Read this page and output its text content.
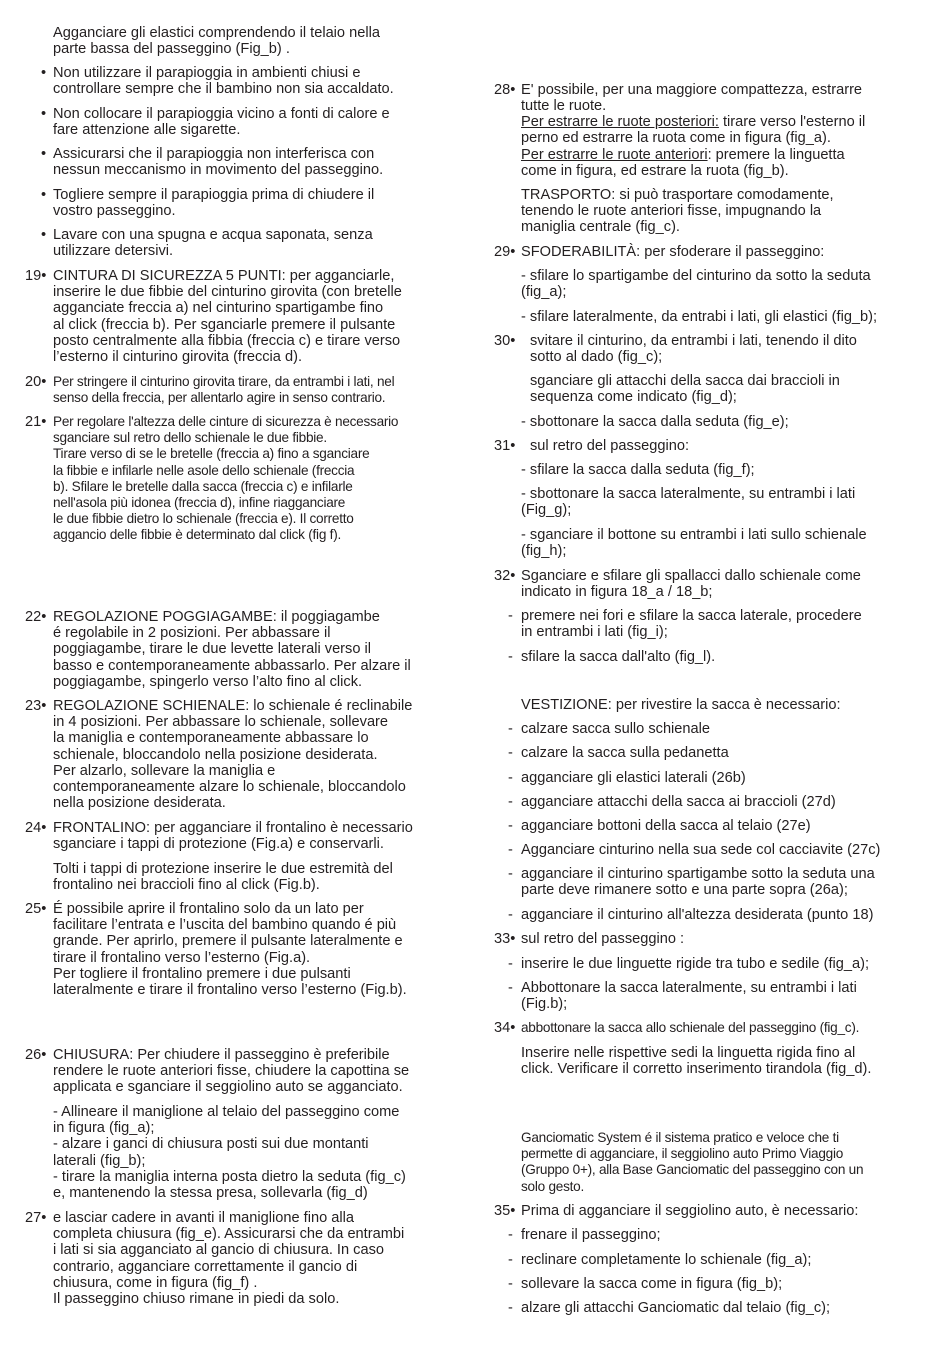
Agganciare gli elastici comprendendo il telaio nella
parte bassa del passeggino (Fig_b) .
• Non utilizzare il parapioggia in ambienti chiusi e
controllare sempre che il bambino non sia accaldato.
• Non collocare il parapioggia vicino a fonti di calore e
fare attenzione alle sigarette.
• Assicurarsi che il parapioggia non interferisca con
nessun meccanismo in movimento del passeggino.
• Togliere sempre il parapioggia prima di chiudere il
vostro passeggino.
• Lavare con una spugna e acqua saponata, senza
utilizzare detersivi.
19• CINTURA DI SICUREZZA 5 PUNTI: per agganciarle,
inserire le due fibbie del cinturino girovita (con bretelle
agganciate freccia a) nel cinturino spartigambe fino
al click (freccia b). Per sganciarle premere il pulsante
posto centralmente alla fibbia (freccia c) e tirare verso
l’esterno il cinturino girovita (freccia d).
20• Per stringere il cinturino girovita tirare, da entrambi i lati, nel
senso della freccia, per allentarlo agire in senso contrario.
21• Per regolare l'altezza delle cinture di sicurezza è necessario
sganciare sul retro dello schienale le due fibbie.
Tirare verso di se le bretelle (freccia a) fino a sganciare
la fibbie e infilarle nelle asole dello schienale (freccia
b). Sfilare le bretelle dalla sacca (freccia c) e infilarle
nell'asola più idonea (freccia d), infine riagganciare
le due fibbie dietro lo schienale (freccia e). Il corretto
aggancio delle fibbie è determinato dal click (fig f).
22• REGOLAZIONE POGGIAGAMBE: il poggiagambe
é regolabile in 2 posizioni. Per abbassare il
poggiagambe, tirare le due levette laterali verso il
basso e contemporaneamente abbassarlo. Per alzare il
poggiagambe, spingerlo verso l’alto fino al click.
23• REGOLAZIONE SCHIENALE: lo schienale é reclinabile
in 4 posizioni. Per abbassare lo schienale, sollevare
la maniglia e contemporaneamente abbassare lo
schienale, bloccandolo nella posizione desiderata.
Per alzarlo, sollevare la maniglia e
contemporaneamente alzare lo schienale, bloccandolo
nella posizione desiderata.
24• FRONTALINO: per agganciare il frontalino è necessario
sganciare i tappi di protezione (Fig.a) e conservarli.
Tolti i tappi di protezione inserire le due estremità del
frontalino nei braccioli fino al click (Fig.b).
25• É possibile aprire il frontalino solo da un lato per
facilitare l’entrata e l’uscita del bambino quando é più
grande. Per aprirlo, premere il pulsante lateralmente e
tirare il frontalino verso l’esterno (Fig.a).
Per togliere il frontalino premere i due pulsanti
lateralmente e tirare il frontalino verso l’esterno (Fig.b).
26• CHIUSURA: Per chiudere il passeggino è preferibile
rendere le ruote anteriori fisse, chiudere la capottina se
applicata e sganciare il seggiolino auto se agganciato.
- Allineare il maniglione al telaio del passeggino come
in figura (fig_a);
- alzare i ganci di chiusura posti sui due montanti
laterali (fig_b);
- tirare la maniglia interna posta dietro la seduta (fig_c)
e, mantenendo la stessa presa, sollevarla (fig_d)
27• e lasciar cadere in avanti il maniglione fino alla
completa chiusura (fig_e). Assicurarsi che da entrambi
i lati si sia agganciato al gancio di chiusura. In caso
contrario, agganciare correttamente il gancio di
chiusura, come in figura (fig_f) .
Il passeggino chiuso rimane in piedi da solo.
28• E' possibile, per una maggiore compattezza, estrarre
tutte le ruote.
Per estrarre le ruote posteriori: tirare verso l'esterno il
perno ed estrarre la ruota come in figura (fig_a).
Per estrarre le ruote anteriori: premere la linguetta
come in figura, ed estrare la ruota (fig_b).
TRASPORTO: si può trasportare comodamente,
tenendo le ruote anteriori fisse, impugnando la
maniglia centrale (fig_c).
29• SFODERABILITÀ: per sfoderare il passeggino:
- sfilare lo spartigambe del cinturino da sotto la seduta
(fig_a);
- sfilare lateralmente, da entrabi i lati, gli elastici (fig_b);
30• svitare il cinturino, da entrambi i lati, tenendo il dito
sotto al dado (fig_c);
sganciare gli attacchi della sacca dai braccioli in
sequenza come indicato (fig_d);
- sbottonare la sacca dalla seduta (fig_e);
31• sul retro del passeggino:
- sfilare la sacca dalla seduta (fig_f);
- sbottonare la sacca lateralmente, su entrambi i lati
(Fig_g);
- sganciare il bottone su entrambi i lati sullo schienale
(fig_h);
32• Sganciare e sfilare gli spallacci dallo schienale come
indicato in figura 18_a / 18_b;
- premere nei fori e sfilare la sacca laterale, procedere
in entrambi i lati (fig_i);
- sfilare la sacca dall'alto (fig_l).
VESTIZIONE: per rivestire la sacca è necessario:
- calzare sacca sullo schienale
- calzare la sacca sulla pedanetta
- agganciare gli elastici laterali (26b)
- agganciare attacchi della sacca ai braccioli (27d)
- agganciare bottoni della sacca al telaio (27e)
- Agganciare cinturino nella sua sede col cacciavite (27c)
- agganciare il cinturino spartigambe sotto la seduta una
parte deve rimanere sotto e una parte sopra (26a);
- agganciare il cinturino all'altezza desiderata (punto 18)
33• sul retro del passeggino :
- inserire le due linguette rigide tra tubo e sedile (fig_a);
- Abbottonare la sacca lateralmente, su entrambi i lati
(Fig.b);
34• abbottonare la sacca allo schienale del passeggino (fig_c).
Inserire nelle rispettive sedi la linguetta rigida fino al
click. Verificare il corretto inserimento tirandola (fig_d).
Ganciomatic System é il sistema pratico e veloce che ti
permette di agganciare, il seggiolino auto Primo Viaggio
(Gruppo 0+), alla Base Ganciomatic del passeggino con un
solo gesto.
35• Prima di agganciare il seggiolino auto, è necessario:
- frenare il passeggino;
- reclinare completamente lo schienale (fig_a);
- sollevare la sacca come in figura (fig_b);
- alzare gli attacchi Ganciomatic dal telaio (fig_c);
